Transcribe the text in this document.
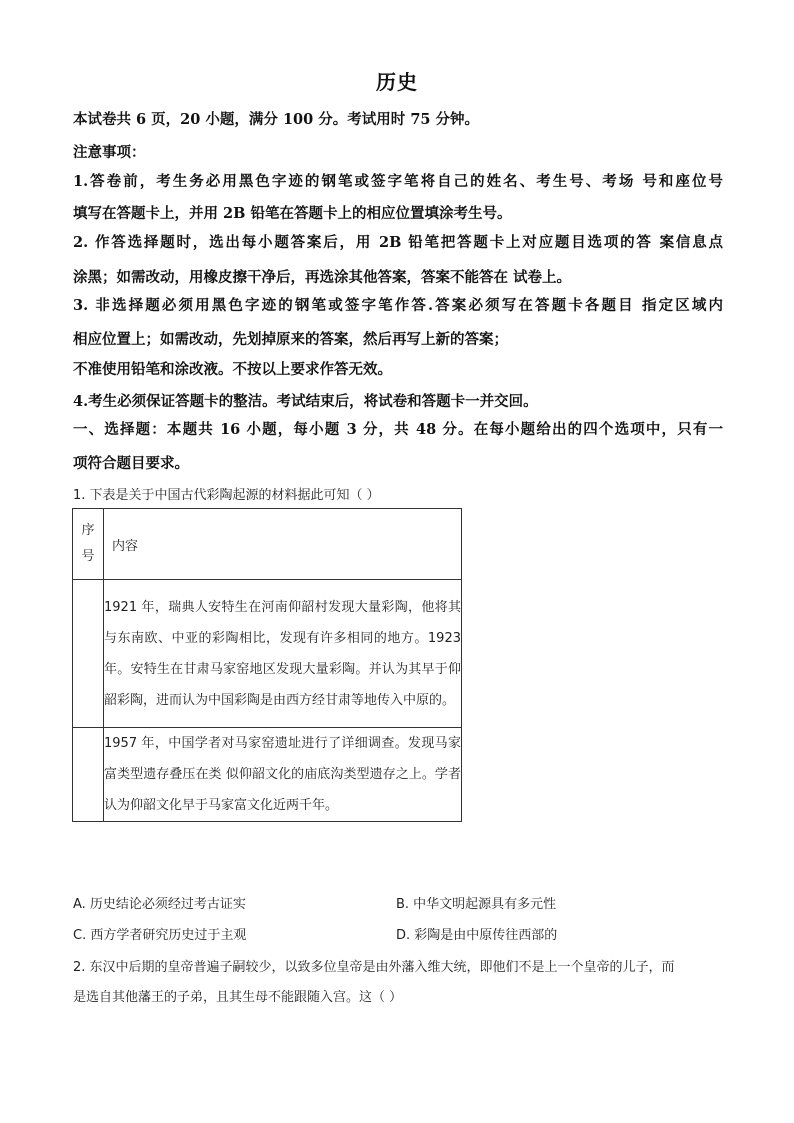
历史
本试卷共 6 页，20 小题，满分 100 分。考试用时 75 分钟。
注意事项：
1.答卷前，考生务必用黑色字迹的钢笔或签字笔将自己的姓名、考生号、考场 号和座位号
填写在答题卡上，并用 2B 铅笔在答题卡上的相应位置填涂考生号。
2. 作答选择题时，选出每小题答案后，用 2B 铅笔把答题卡上对应题目选项的答 案信息点
涂黑；如需改动，用橡皮擦干净后，再选涂其他答案，答案不能答在 试卷上。
3. 非选择题必须用黑色字迹的钢笔或签字笔作答.答案必须写在答题卡各题目 指定区域内
相应位置上；如需改动，先划掉原来的答案，然后再写上新的答案；
不准使用铅笔和涂改液。不按以上要求作答无效。
4.考生必须保证答题卡的整洁。考试结束后，将试卷和答题卡一并交回。
一、选择题：本题共 16 小题，每小题 3 分，共 48 分。在每小题给出的四个选项中，只有一
项符合题目要求。
1. 下表是关于中国古代彩陶起源的材料据此可知（ ）
序号	内容
	1921 年，瑞典人安特生在河南仰韶村发现大量彩陶，他将其与东南欧、中亚的彩陶相比，发现有许多相同的地方。1923 年。安特生在甘肃马家窑地区发现大量彩陶。并认为其早于仰韶彩陶，进而认为中国彩陶是由西方经甘肃等地传入中原的。
	1957 年，中国学者对马家窑遗址进行了详细调查。发现马家富类型遗存叠压在类 似仰韶文化的庙底沟类型遗存之上。学者认为仰韶文化早于马家富文化近两千年。
A. 历史结论必须经过考古证实	B. 中华文明起源具有多元性
C. 西方学者研究历史过于主观	D. 彩陶是由中原传往西部的
2. 东汉中后期的皇帝普遍子嗣较少，以致多位皇帝是由外藩入维大统，即他们不是上一个皇帝的儿子，而
是选自其他藩王的子弟，且其生母不能跟随入宫。这（ ）
